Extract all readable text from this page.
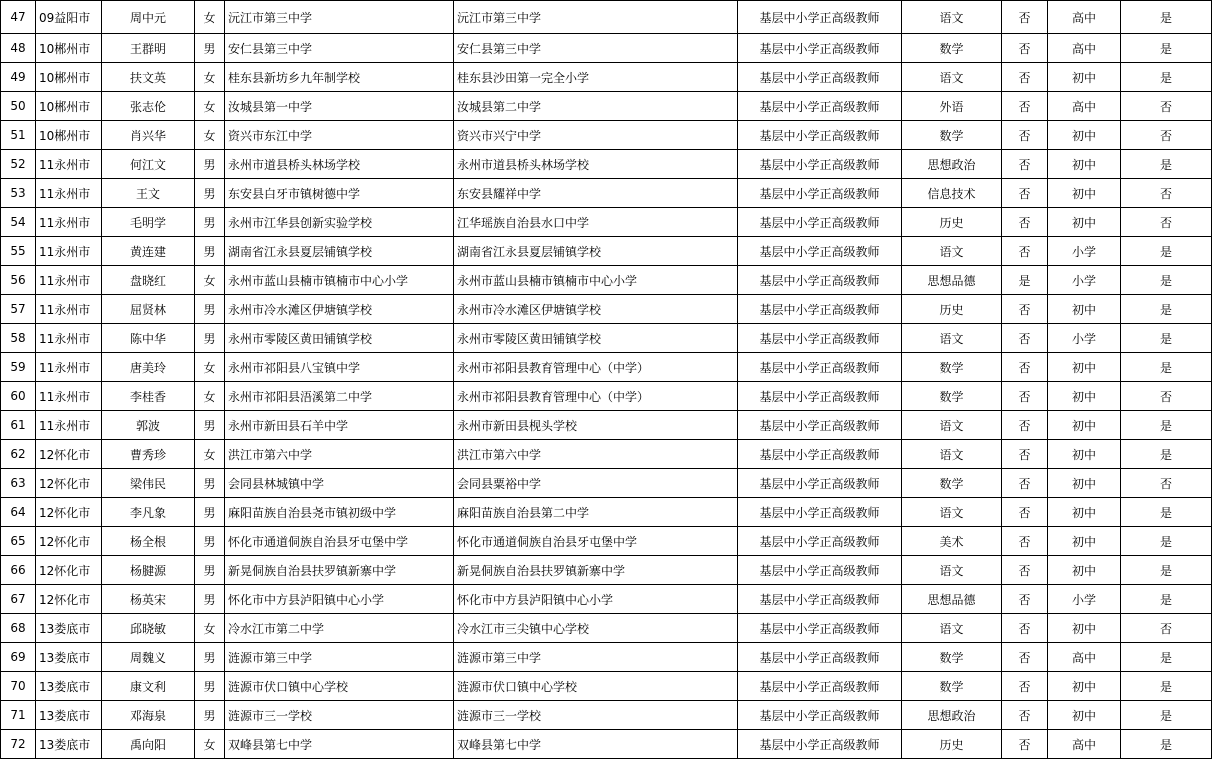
47	09益阳市	周中元	女	沅江市第三中学	沅江市第三中学	基层中小学正高级教师	语文	否	高中	是
48	10郴州市	王群明	男	安仁县第三中学	安仁县第三中学	基层中小学正高级教师	数学	否	高中	是
49	10郴州市	扶文英	女	桂东县新坊乡九年制学校	桂东县沙田第一完全小学	基层中小学正高级教师	语文	否	初中	是
50	10郴州市	张志伦	女	汝城县第一中学	汝城县第二中学	基层中小学正高级教师	外语	否	高中	否
51	10郴州市	肖兴华	女	资兴市东江中学	资兴市兴宁中学	基层中小学正高级教师	数学	否	初中	否
52	11永州市	何江文	男	永州市道县桥头林场学校	永州市道县桥头林场学校	基层中小学正高级教师	思想政治	否	初中	是
53	11永州市	王文	男	东安县白牙市镇树德中学	东安县耀祥中学	基层中小学正高级教师	信息技术	否	初中	否
54	11永州市	毛明学	男	永州市江华县创新实验学校	江华瑶族自治县水口中学	基层中小学正高级教师	历史	否	初中	否
55	11永州市	黄连建	男	湖南省江永县夏层铺镇学校	湖南省江永县夏层铺镇学校	基层中小学正高级教师	语文	否	小学	是
56	11永州市	盘晓红	女	永州市蓝山县楠市镇楠市中心小学	永州市蓝山县楠市镇楠市中心小学	基层中小学正高级教师	思想品德	是	小学	是
57	11永州市	屈贤林	男	永州市冷水滩区伊塘镇学校	永州市冷水滩区伊塘镇学校	基层中小学正高级教师	历史	否	初中	是
58	11永州市	陈中华	男	永州市零陵区黄田铺镇学校	永州市零陵区黄田铺镇学校	基层中小学正高级教师	语文	否	小学	是
59	11永州市	唐美玲	女	永州市祁阳县八宝镇中学	永州市祁阳县教育管理中心（中学）	基层中小学正高级教师	数学	否	初中	是
60	11永州市	李桂香	女	永州市祁阳县浯溪第二中学	永州市祁阳县教育管理中心（中学）	基层中小学正高级教师	数学	否	初中	否
61	11永州市	郭波	男	永州市新田县石羊中学	永州市新田县枧头学校	基层中小学正高级教师	语文	否	初中	是
62	12怀化市	曹秀珍	女	洪江市第六中学	洪江市第六中学	基层中小学正高级教师	语文	否	初中	是
63	12怀化市	梁伟民	男	会同县林城镇中学	会同县粟裕中学	基层中小学正高级教师	数学	否	初中	否
64	12怀化市	李凡象	男	麻阳苗族自治县尧市镇初级中学	麻阳苗族自治县第二中学	基层中小学正高级教师	语文	否	初中	是
65	12怀化市	杨全根	男	怀化市通道侗族自治县牙屯堡中学	怀化市通道侗族自治县牙屯堡中学	基层中小学正高级教师	美术	否	初中	是
66	12怀化市	杨腱源	男	新晃侗族自治县扶罗镇新寨中学	新晃侗族自治县扶罗镇新寨中学	基层中小学正高级教师	语文	否	初中	是
67	12怀化市	杨英宋	男	怀化市中方县泸阳镇中心小学	怀化市中方县泸阳镇中心小学	基层中小学正高级教师	思想品德	否	小学	是
68	13娄底市	邱晓敏	女	冷水江市第二中学	冷水江市三尖镇中心学校	基层中小学正高级教师	语文	否	初中	否
69	13娄底市	周魏义	男	涟源市第三中学	涟源市第三中学	基层中小学正高级教师	数学	否	高中	是
70	13娄底市	康文利	男	涟源市伏口镇中心学校	涟源市伏口镇中心学校	基层中小学正高级教师	数学	否	初中	是
71	13娄底市	邓海泉	男	涟源市三一学校	涟源市三一学校	基层中小学正高级教师	思想政治	否	初中	是
72	13娄底市	禹向阳	女	双峰县第七中学	双峰县第七中学	基层中小学正高级教师	历史	否	高中	是
